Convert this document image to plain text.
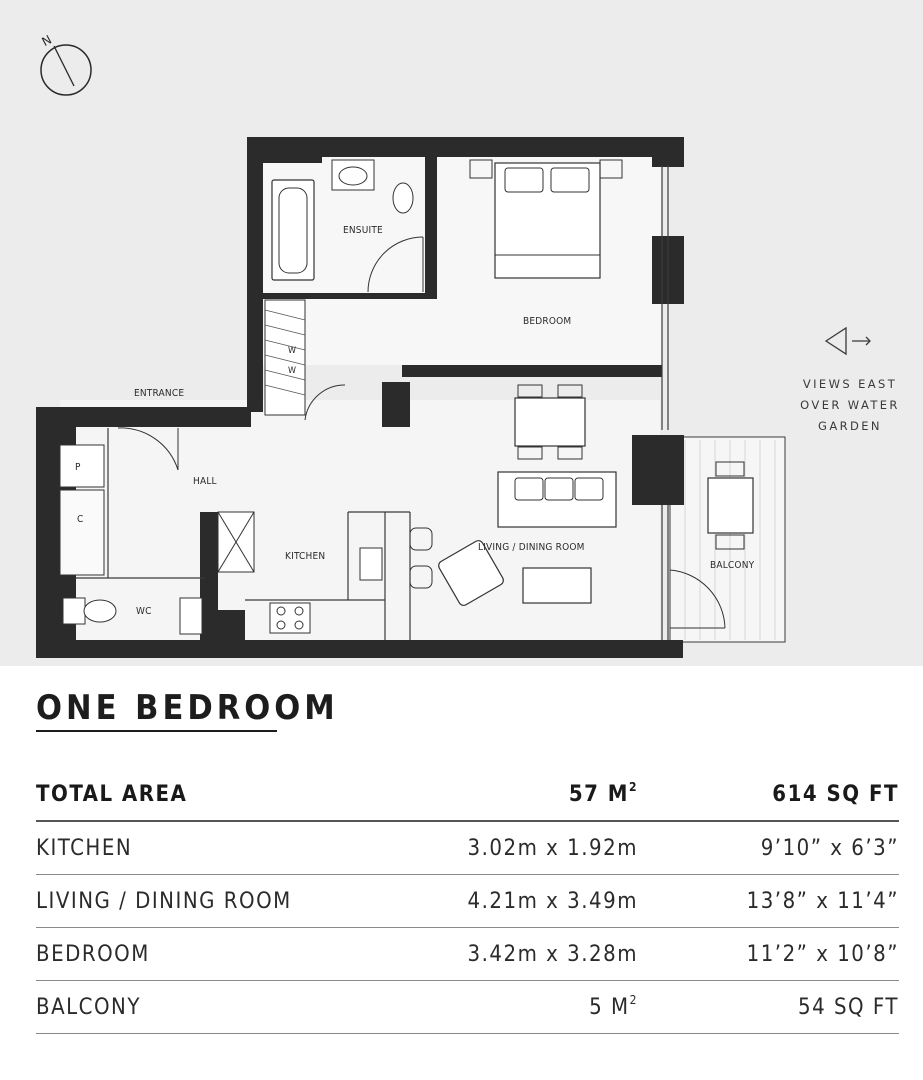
N
ENSUITE
BEDROOM
ENTRANCE
HALL
KITCHEN
LIVING / DINING ROOM
BALCONY
WC
P
C
W
W
VIEWS EAST
OVER WATER
GARDEN
ONE BEDROOM
TOTAL AREA	57 $M^2$	614 SQ FT
KITCHEN	3.02m x 1.92m	9’10” x 6’3”
LIVING / DINING ROOM	4.21m x 3.49m	13’8” x 11’4”
BEDROOM	3.42m x 3.28m	11’2” x 10’8”
BALCONY	5 $M^2$	54 SQ FT
